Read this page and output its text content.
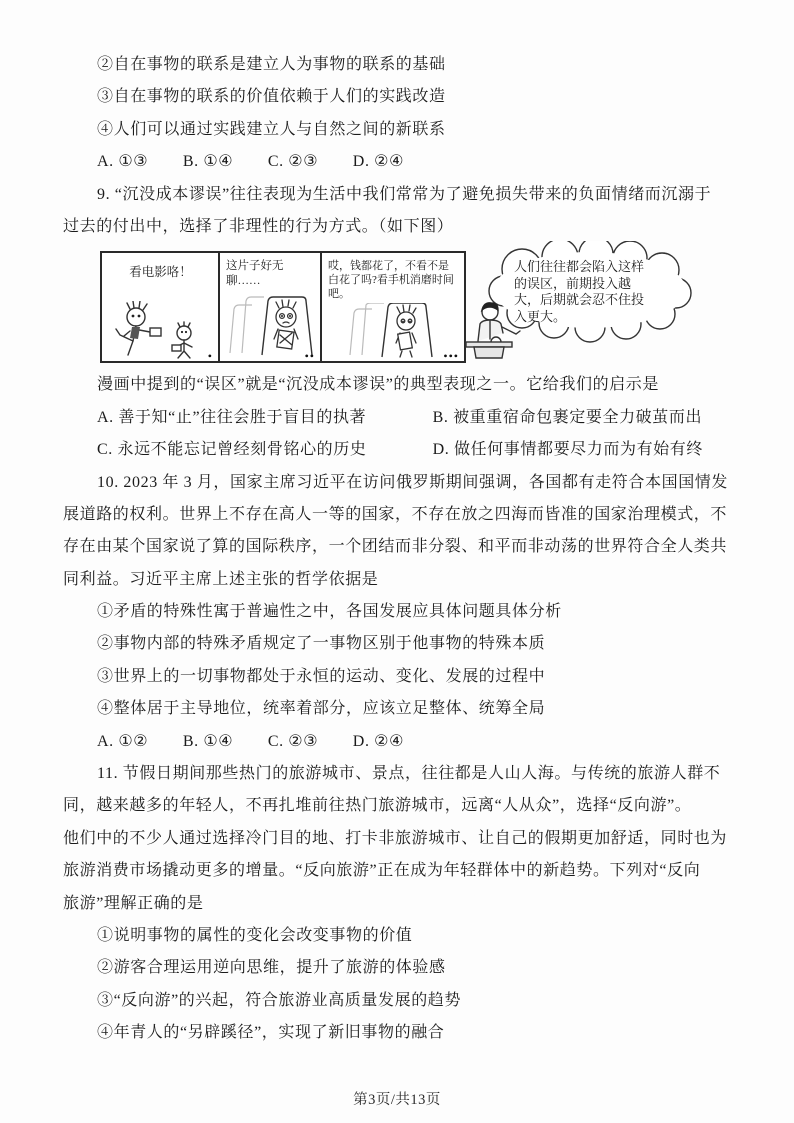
②自在事物的联系是建立人为事物的联系的基础
③自在事物的联系的价值依赖于人们的实践改造
④人们可以通过实践建立人与自然之间的新联系
A. ①③ B. ①④ C. ②③ D. ②④
9. “沉没成本谬误”往往表现为生活中我们常常为了避免损失带来的负面情绪而沉溺于
过去的付出中，选择了非理性的行为方式。（如下图）
看电影咯！
•
这片子好无聊……
••
哎，钱都花了，不看不是白花了吗?看手机消磨时间吧。
•••
人们往往都会陷入这样的误区，前期投入越大，后期就会忍不住投入更大。
漫画中提到的“误区”就是“沉没成本谬误”的典型表现之一。它给我们的启示是
A. 善于知“止”往往会胜于盲目的执著	B. 被重重宿命包裹定要全力破茧而出
C. 永远不能忘记曾经刻骨铭心的历史	D. 做任何事情都要尽力而为有始有终
10. 2023 年 3 月，国家主席习近平在访问俄罗斯期间强调，各国都有走符合本国国情发
展道路的权利。世界上不存在高人一等的国家，不存在放之四海而皆准的国家治理模式，不
存在由某个国家说了算的国际秩序，一个团结而非分裂、和平而非动荡的世界符合全人类共
同利益。习近平主席上述主张的哲学依据是
①矛盾的特殊性寓于普遍性之中，各国发展应具体问题具体分析
②事物内部的特殊矛盾规定了一事物区别于他事物的特殊本质
③世界上的一切事物都处于永恒的运动、变化、发展的过程中
④整体居于主导地位，统率着部分，应该立足整体、统筹全局
A. ①② B. ①④ C. ②③ D. ②④
11. 节假日期间那些热门的旅游城市、景点，往往都是人山人海。与传统的旅游人群不
同，越来越多的年轻人，不再扎堆前往热门旅游城市，远离“人从众”，选择“反向游”。
他们中的不少人通过选择冷门目的地、打卡非旅游城市、让自己的假期更加舒适，同时也为
旅游消费市场撬动更多的增量。“反向旅游”正在成为年轻群体中的新趋势。下列对“反向
旅游”理解正确的是
①说明事物的属性的变化会改变事物的价值
②游客合理运用逆向思维，提升了旅游的体验感
③“反向游”的兴起，符合旅游业高质量发展的趋势
④年青人的“另辟蹊径”，实现了新旧事物的融合
第3页/共13页
